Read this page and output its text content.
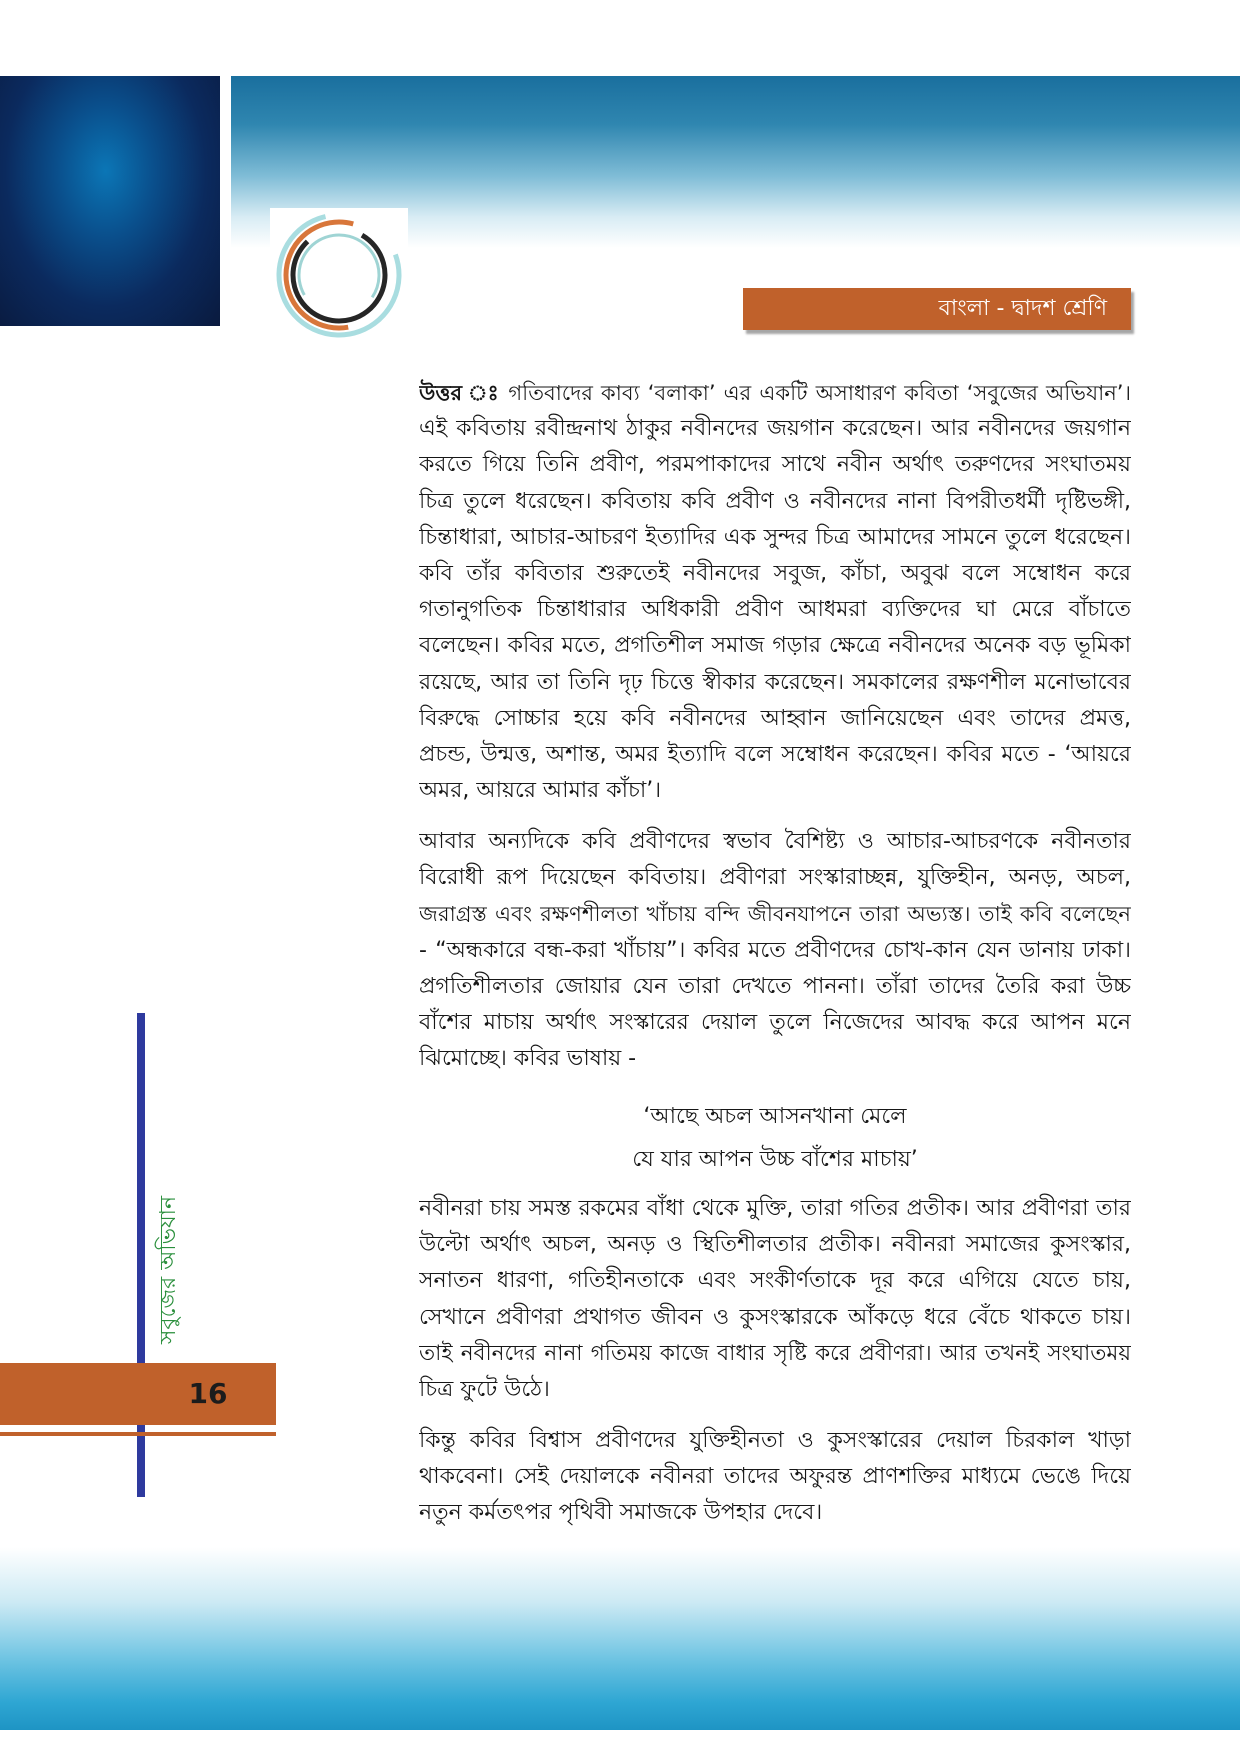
বাংলা - দ্বাদশ শ্রেণি
উত্তর ঃ গতিবাদের কাব্য ‘বলাকা’ এর একটি অসাধারণ কবিতা ‘সবুজের অভিযান’।
এই কবিতায় রবীন্দ্রনাথ ঠাকুর নবীনদের জয়গান করেছেন। আর নবীনদের জয়গান
করতে গিয়ে তিনি প্রবীণ, পরমপাকাদের সাথে নবীন অর্থাৎ তরুণদের সংঘাতময়
চিত্র তুলে ধরেছেন। কবিতায় কবি প্রবীণ ও নবীনদের নানা বিপরীতধর্মী দৃষ্টিভঙ্গী,
চিন্তাধারা, আচার-আচরণ ইত্যাদির এক সুন্দর চিত্র আমাদের সামনে তুলে ধরেছেন।
কবি তাঁর কবিতার শুরুতেই নবীনদের সবুজ, কাঁচা, অবুঝ বলে সম্বোধন করে
গতানুগতিক চিন্তাধারার অধিকারী প্রবীণ আধমরা ব্যক্তিদের ঘা মেরে বাঁচাতে
বলেছেন। কবির মতে, প্রগতিশীল সমাজ গড়ার ক্ষেত্রে নবীনদের অনেক বড় ভূমিকা
রয়েছে, আর তা তিনি দৃঢ় চিত্তে স্বীকার করেছেন। সমকালের রক্ষণশীল মনোভাবের
বিরুদ্ধে সোচ্চার হয়ে কবি নবীনদের আহ্বান জানিয়েছেন এবং তাদের প্রমত্ত,
প্রচন্ড, উন্মত্ত, অশান্ত, অমর ইত্যাদি বলে সম্বোধন করেছেন। কবির মতে - ‘আয়রে
অমর, আয়রে আমার কাঁচা’।
আবার অন্যদিকে কবি প্রবীণদের স্বভাব বৈশিষ্ট্য ও আচার-আচরণকে নবীনতার
বিরোধী রূপ দিয়েছেন কবিতায়। প্রবীণরা সংস্কারাচ্ছন্ন, যুক্তিহীন, অনড়, অচল,
জরাগ্রস্ত এবং রক্ষণশীলতা খাঁচায় বন্দি জীবনযাপনে তারা অভ্যস্ত। তাই কবি বলেছেন
- “অন্ধকারে বন্ধ-করা খাঁচায়”। কবির মতে প্রবীণদের চোখ-কান যেন ডানায় ঢাকা।
প্রগতিশীলতার জোয়ার যেন তারা দেখতে পাননা। তাঁরা তাদের তৈরি করা উচ্চ
বাঁশের মাচায় অর্থাৎ সংস্কারের দেয়াল তুলে নিজেদের আবদ্ধ করে আপন মনে
ঝিমোচ্ছে। কবির ভাষায় -
‘আছে অচল আসনখানা মেলে
যে যার আপন উচ্চ বাঁশের মাচায়’
নবীনরা চায় সমস্ত রকমের বাঁধা থেকে মুক্তি, তারা গতির প্রতীক। আর প্রবীণরা তার
উল্টো অর্থাৎ অচল, অনড় ও স্থিতিশীলতার প্রতীক। নবীনরা সমাজের কুসংস্কার,
সনাতন ধারণা, গতিহীনতাকে এবং সংকীর্ণতাকে দূর করে এগিয়ে যেতে চায়,
সেখানে প্রবীণরা প্রথাগত জীবন ও কুসংস্কারকে আঁকড়ে ধরে বেঁচে থাকতে চায়।
তাই নবীনদের নানা গতিময় কাজে বাধার সৃষ্টি করে প্রবীণরা। আর তখনই সংঘাতময়
চিত্র ফুটে উঠে।
কিন্তু কবির বিশ্বাস প্রবীণদের যুক্তিহীনতা ও কুসংস্কারের দেয়াল চিরকাল খাড়া
থাকবেনা। সেই দেয়ালকে নবীনরা তাদের অফুরন্ত প্রাণশক্তির মাধ্যমে ভেঙে দিয়ে
নতুন কর্মতৎপর পৃথিবী সমাজকে উপহার দেবে।
সবুজের অভিযান
16
